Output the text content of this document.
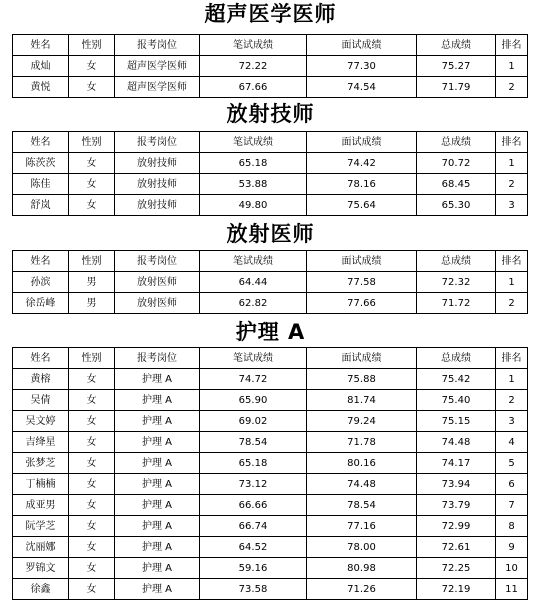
超声医学医师
姓名	性别	报考岗位	笔试成绩	面试成绩	总成绩	排名
成灿	女	超声医学医师	72.22	77.30	75.27	1
黄悦	女	超声医学医师	67.66	74.54	71.79	2
放射技师
姓名	性别	报考岗位	笔试成绩	面试成绩	总成绩	排名
陈茨茨	女	放射技师	65.18	74.42	70.72	1
陈佳	女	放射技师	53.88	78.16	68.45	2
舒岚	女	放射技师	49.80	75.64	65.30	3
放射医师
姓名	性别	报考岗位	笔试成绩	面试成绩	总成绩	排名
孙滨	男	放射医师	64.44	77.58	72.32	1
徐岳峰	男	放射医师	62.82	77.66	71.72	2
护理 A
姓名	性别	报考岗位	笔试成绩	面试成绩	总成绩	排名
黄榕	女	护理 A	74.72	75.88	75.42	1
吴倩	女	护理 A	65.90	81.74	75.40	2
吴文婷	女	护理 A	69.02	79.24	75.15	3
吉绛星	女	护理 A	78.54	71.78	74.48	4
张梦芝	女	护理 A	65.18	80.16	74.17	5
丁楠楠	女	护理 A	73.12	74.48	73.94	6
成亚男	女	护理 A	66.66	78.54	73.79	7
阮学芝	女	护理 A	66.74	77.16	72.99	8
沈丽娜	女	护理 A	64.52	78.00	72.61	9
罗锦文	女	护理 A	59.16	80.98	72.25	10
徐鑫	女	护理 A	73.58	71.26	72.19	11
